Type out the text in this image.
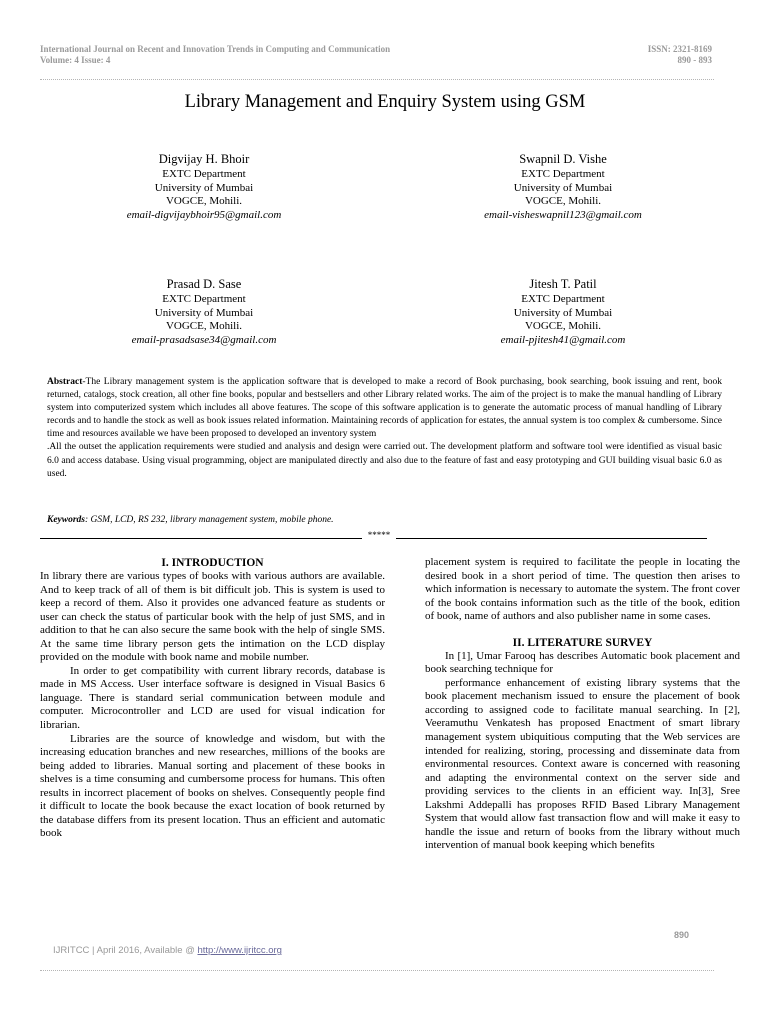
International Journal on Recent and Innovation Trends in Computing and Communication
Volume: 4 Issue: 4
ISSN: 2321-8169
890 - 893
Library Management and Enquiry System using GSM
Digvijay H. Bhoir
EXTC Department
University of Mumbai
VOGCE, Mohili.
email-digvijaybhoir95@gmail.com
Swapnil D. Vishe
EXTC Department
University of Mumbai
VOGCE, Mohili.
email-visheswapnil123@gmail.com
Prasad D. Sase
EXTC Department
University of Mumbai
VOGCE, Mohili.
email-prasadsase34@gmail.com
Jitesh T. Patil
EXTC Department
University of Mumbai
VOGCE, Mohili.
email-pjitesh41@gmail.com

Abstract-The Library management system is the application software that is developed to make a record of Book purchasing, book searching, book issuing and rent, book returned, catalogs, stock creation, all other fine books, popular and bestsellers and other Library related works. The aim of the project is to make the manual handling of Library system into computerized system which includes all above features. The scope of this software application is to generate the automatic process of manual handling of Library records and to handle the stock as well as book issues related information. Maintaining records of application for estates, the annual system is too complex & cumbersome. Since time and resources available we have been proposed to developed an inventory system

.All the outset the application requirements were studied and analysis and design were carried out. The development platform and software tool were identified as visual basic 6.0 and access database. Using visual programming, object are manipulated directly and also due to the feature of fast and easy prototyping and GUI building visual basic 6.0 as used.

Keywords: GSM, LCD, RS 232, library management system, mobile phone.
*****
I. INTRODUCTION

In library there are various types of books with various authors are available. And to keep track of all of them is bit difficult job. This is system is used to keep a record of them. Also it provides one advanced feature as students or user can check the status of particular book with the help of just SMS, and in addition to that he can also secure the same book with the help of single SMS. At the same time library person gets the intimation on the LCD display provided on the module with book name and mobile number.

In order to get compatibility with current library records, database is made in MS Access. User interface software is designed in Visual Basics 6 language. There is standard serial communication between module and computer. Microcontroller and LCD are used for visual indication for librarian.

Libraries are the source of knowledge and wisdom, but with the increasing education branches and new researches, millions of the books are being added to libraries. Manual sorting and placement of these books in shelves is a time consuming and cumbersome process for humans. This often results in incorrect placement of books on shelves. Consequently people find it difficult to locate the book because the exact location of book returned by the database differs from its present location. Thus an efficient and automatic book

placement system is required to facilitate the people in locating the desired book in a short period of time. The question then arises to which information is necessary to automate the system. The front cover of the book contains information such as the title of the book, edition of book, name of authors and also publisher name in some cases.

II. LITERATURE SURVEY

In [1], Umar Farooq has describes Automatic book placement and book searching technique for

performance enhancement of existing library systems that the book placement mechanism issued to ensure the placement of book according to assigned code to facilitate manual searching. In [2], Veeramuthu Venkatesh has proposed Enactment of smart library management system ubiquitious computing that the Web services are intended for realizing, storing, processing and disseminate data from environmental resources. Context aware is concerned with reasoning and adapting the environmental context on the server side and providing services to the clients in an efficient way. In[3], Sree Lakshmi Addepalli has proposes RFID Based Library Management System that would allow fast transaction flow and will make it easy to handle the issue and return of books from the library without much intervention of manual book keeping which benefits

890
IJRITCC | April 2016, Available @ http://www.ijritcc.org
